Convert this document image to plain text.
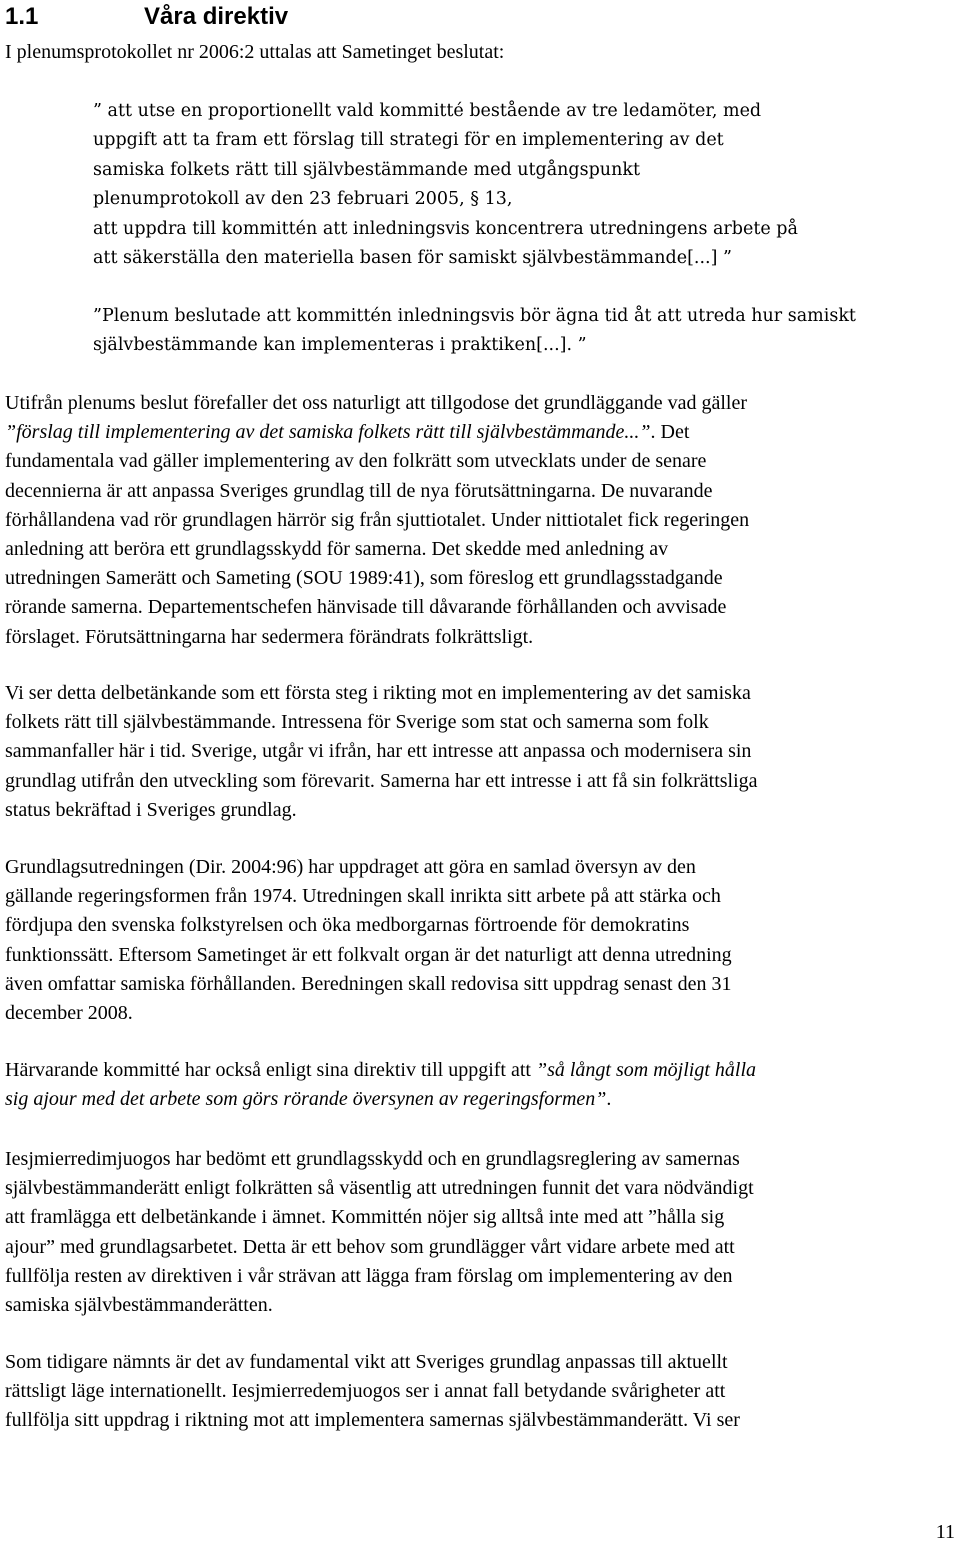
1.1	Våra direktiv

I plenumsprotokollet nr 2006:2 uttalas att Sametinget beslutat:

” att utse en proportionellt vald kommitté bestående av tre ledamöter, med
uppgift att ta fram ett förslag till strategi för en implementering av det
samiska folkets rätt till självbestämmande med utgångspunkt
plenumprotokoll av den 23 februari 2005, § 13,
att uppdra till kommittén att inledningsvis koncentrera utredningens arbete på
att säkerställa den materiella basen för samiskt självbestämmande[...] ”
”Plenum beslutade att kommittén inledningsvis bör ägna tid åt att utreda hur samiskt
självbestämmande kan implementeras i praktiken[...]. ”
Utifrån plenums beslut förefaller det oss naturligt att tillgodose det grundläggande vad gäller
”förslag till implementering av det samiska folkets rätt till självbestämmande...”. Det
fundamentala vad gäller implementering av den folkrätt som utvecklats under de senare
decennierna är att anpassa Sveriges grundlag till de nya förutsättningarna. De nuvarande
förhållandena vad rör grundlagen härrör sig från sjuttiotalet. Under nittiotalet fick regeringen
anledning att beröra ett grundlagsskydd för samerna. Det skedde med anledning av
utredningen Samerätt och Sameting (SOU 1989:41), som föreslog ett grundlagsstadgande
rörande samerna. Departementschefen hänvisade till dåvarande förhållanden och avvisade
förslaget. Förutsättningarna har sedermera förändrats folkrättsligt.
Vi ser detta delbetänkande som ett första steg i rikting mot en implementering av det samiska
folkets rätt till självbestämmande. Intressena för Sverige som stat och samerna som folk
sammanfaller här i tid. Sverige, utgår vi ifrån, har ett intresse att anpassa och modernisera sin
grundlag utifrån den utveckling som förevarit. Samerna har ett intresse i att få sin folkrättsliga
status bekräftad i Sveriges grundlag.
Grundlagsutredningen (Dir. 2004:96) har uppdraget att göra en samlad översyn av den
gällande regeringsformen från 1974. Utredningen skall inrikta sitt arbete på att stärka och
fördjupa den svenska folkstyrelsen och öka medborgarnas förtroende för demokratins
funktionssätt. Eftersom Sametinget är ett folkvalt organ är det naturligt att denna utredning
även omfattar samiska förhållanden. Beredningen skall redovisa sitt uppdrag senast den 31
december 2008.
Härvarande kommitté har också enligt sina direktiv till uppgift att ”så långt som möjligt hålla
sig ajour med det arbete som görs rörande översynen av regeringsformen”.
Iesjmierredimjuogos har bedömt ett grundlagsskydd och en grundlagsreglering av samernas
självbestämmanderätt enligt folkrätten så väsentlig att utredningen funnit det vara nödvändigt
att framlägga ett delbetänkande i ämnet. Kommittén nöjer sig alltså inte med att ”hålla sig
ajour” med grundlagsarbetet. Detta är ett behov som grundlägger vårt vidare arbete med att
fullfölja resten av direktiven i vår strävan att lägga fram förslag om implementering av den
samiska självbestämmanderätten.
Som tidigare nämnts är det av fundamental vikt att Sveriges grundlag anpassas till aktuellt
rättsligt läge internationellt. Iesjmierredemjuogos ser i annat fall betydande svårigheter att
fullfölja sitt uppdrag i riktning mot att implementera samernas självbestämmanderätt. Vi ser
11
